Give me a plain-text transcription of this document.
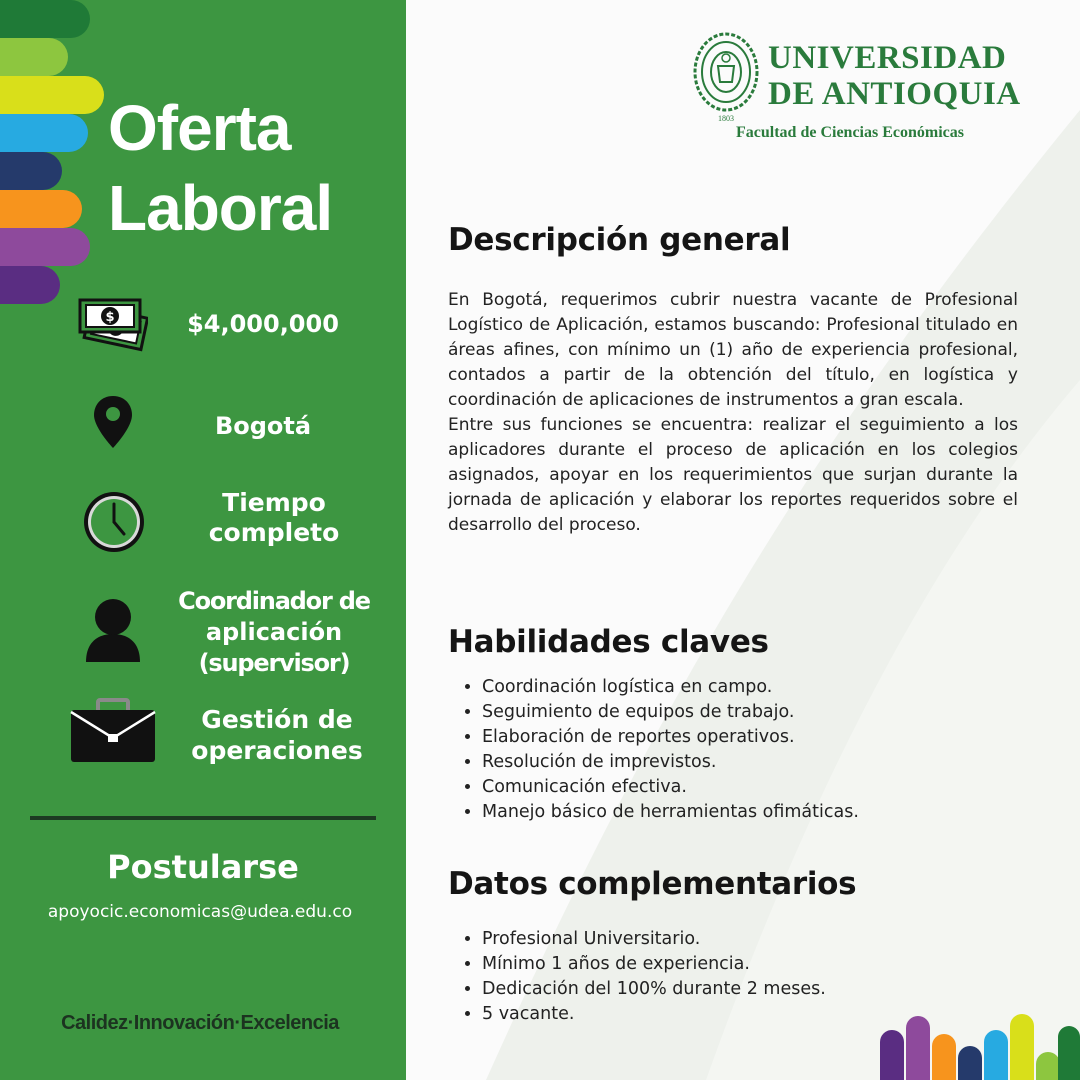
Oferta
Laboral
$	$4,000,000
Bogotá
Tiempo
completo
Coordinador de
aplicación
(supervisor)
Gestión de
operaciones
Postularse
apoyocic.economicas@udea.edu.co
Calidez·Innovación·Excelencia
1803
UNIVERSIDAD
DE ANTIOQUIA
Facultad de Ciencias Económicas
Descripción general

En Bogotá, requerimos cubrir nuestra vacante de Profesional Logístico de Aplicación, estamos buscando: Profesional titulado en áreas afines, con mínimo un (1) año de experiencia profesional, contados a partir de la obtención del título, en logística y coordinación de aplicaciones de instrumentos a gran escala.

Entre sus funciones se encuentra: realizar el seguimiento a los aplicadores durante el proceso de aplicación en los colegios asignados, apoyar en los requerimientos que surjan durante la jornada de aplicación y elaborar los reportes requeridos sobre el desarrollo del proceso.

Habilidades claves
• Coordinación logística en campo.
• Seguimiento de equipos de trabajo.
• Elaboración de reportes operativos.
• Resolución de imprevistos.
• Comunicación efectiva.
• Manejo básico de herramientas ofimáticas.
Datos complementarios
• Profesional Universitario.
• Mínimo 1 años de experiencia.
• Dedicación del 100% durante 2 meses.
• 5 vacante.
